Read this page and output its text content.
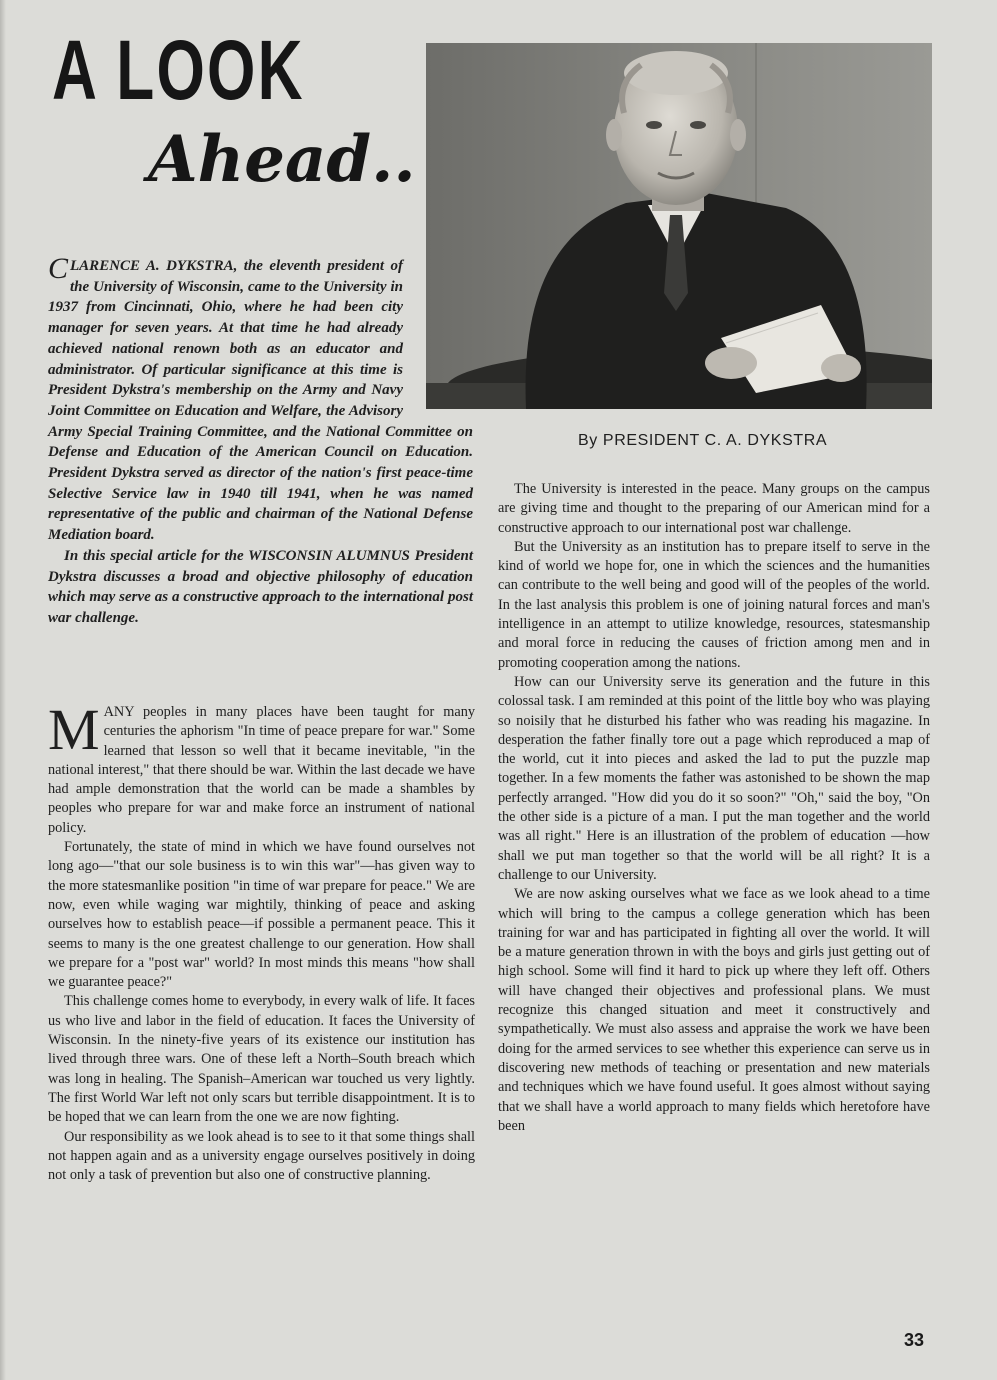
A LOOK
Ahead..
By PRESIDENT C. A. DYKSTRA

CLARENCE A. DYKSTRA, the eleventh president of the University of Wisconsin, came to the University in 1937 from Cincinnati, Ohio, where he had been city manager for seven years. At that time he had already achieved national renown both as an educator and administrator. Of particular significance at this time is President Dykstra's membership on the Army and Navy Joint Committee on Education and Welfare, the Advisory Army Special Training Committee, and the National Committee on Defense and Education of the American Council on Education. President Dykstra served as director of the nation's first peace-time Selective Service law in 1940 till 1941, when he was named representative of the public and chairman of the National Defense Mediation board.

In this special article for the WISCONSIN ALUMNUS President Dykstra discusses a broad and objective philosophy of education which may serve as a constructive approach to the international post war challenge.

MANY peoples in many places have been taught for many centuries the aphorism "In time of peace prepare for war." Some learned that lesson so well that it became inevitable, "in the national interest," that there should be war. Within the last decade we have had ample demonstration that the world can be made a shambles by peoples who prepare for war and make force an instrument of national policy.

Fortunately, the state of mind in which we have found ourselves not long ago—"that our sole business is to win this war"—has given way to the more statesmanlike position "in time of war prepare for peace." We are now, even while waging war mightily, thinking of peace and asking ourselves how to establish peace—if possible a permanent peace. This it seems to many is the one greatest challenge to our generation. How shall we prepare for a "post war" world? In most minds this means "how shall we guarantee peace?"

This challenge comes home to everybody, in every walk of life. It faces us who live and labor in the field of education. It faces the University of Wisconsin. In the ninety-five years of its existence our institution has lived through three wars. One of these left a North–South breach which was long in healing. The Spanish–American war touched us very lightly. The first World War left not only scars but terrible disappointment. It is to be hoped that we can learn from the one we are now fighting.

Our responsibility as we look ahead is to see to it that some things shall not happen again and as a university engage ourselves positively in doing not only a task of prevention but also one of constructive planning.

The University is interested in the peace. Many groups on the campus are giving time and thought to the preparing of our American mind for a constructive approach to our international post war challenge.

But the University as an institution has to prepare itself to serve in the kind of world we hope for, one in which the sciences and the humanities can contribute to the well being and good will of the peoples of the world. In the last analysis this problem is one of joining natural forces and man's intelligence in an attempt to utilize knowledge, resources, statesmanship and moral force in reducing the causes of friction among men and in promoting cooperation among the nations.

How can our University serve its generation and the future in this colossal task. I am reminded at this point of the little boy who was playing so noisily that he disturbed his father who was reading his magazine. In desperation the father finally tore out a page which reproduced a map of the world, cut it into pieces and asked the lad to put the puzzle map together. In a few moments the father was astonished to be shown the map perfectly arranged. "How did you do it so soon?" "Oh," said the boy, "On the other side is a picture of a man. I put the man together and the world was all right." Here is an illustration of the problem of education —how shall we put man together so that the world will be all right? It is a challenge to our University.

We are now asking ourselves what we face as we look ahead to a time which will bring to the campus a college generation which has been training for war and has participated in fighting all over the world. It will be a mature generation thrown in with the boys and girls just getting out of high school. Some will find it hard to pick up where they left off. Others will have changed their objectives and professional plans. We must recognize this changed situation and meet it constructively and sympathetically. We must also assess and appraise the work we have been doing for the armed services to see whether this experience can serve us in discovering new methods of teaching or presentation and new materials and techniques which we have found useful. It goes almost without saying that we shall have a world approach to many fields which heretofore have been

33
